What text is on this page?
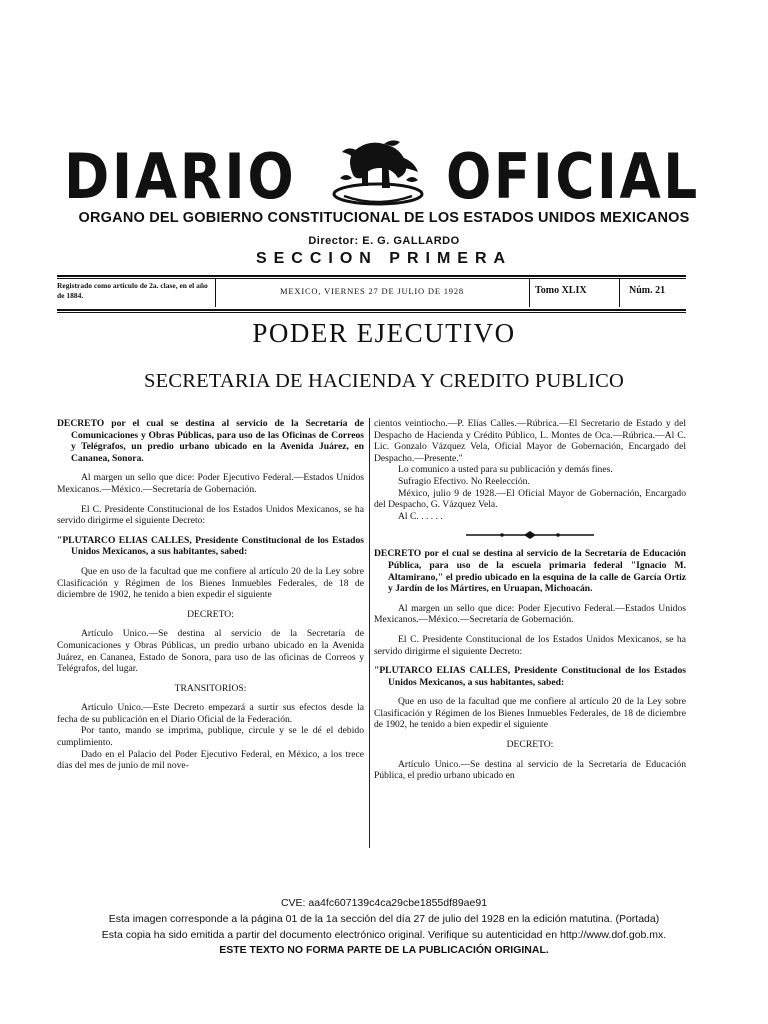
DIARIO OFICIAL
ORGANO DEL GOBIERNO CONSTITUCIONAL DE LOS ESTADOS UNIDOS MEXICANOS
Director: E. G. GALLARDO
SECCION PRIMERA
Registrado como artículo de 2a. clase, en el año de 1884.	MEXICO, VIERNES 27 DE JULIO DE 1928	Tomo XLIX	Núm. 21
PODER EJECUTIVO
SECRETARIA DE HACIENDA Y CREDITO PUBLICO

DECRETO por el cual se destina al servicio de la Secretaría de Comunicaciones y Obras Públicas, para uso de las Oficinas de Correos y Telégrafos, un predio urbano ubicado en la Avenida Juárez, en Cananea, Sonora.

Al margen un sello que dice: Poder Ejecutivo Federal.—Estados Unidos Mexicanos.—México.—Secretaría de Gobernación.

El C. Presidente Constitucional de los Estados Unidos Mexicanos, se ha servido dirigirme el siguiente Decreto:

"PLUTARCO ELIAS CALLES, Presidente Constitucional de los Estados Unidos Mexicanos, a sus habitantes, sabed:

Que en uso de la facultad que me confiere al artículo 20 de la Ley sobre Clasificación y Régimen de los Bienes Inmuebles Federales, de 18 de diciembre de 1902, he tenido a bien expedir el siguiente

DECRETO:

Artículo Unico.—Se destina al servicio de la Secretaría de Comunicaciones y Obras Públicas, un predio urbano ubicado en la Avenida Juárez, en Cananea, Estado de Sonora, para uso de las oficinas de Correos y Telégrafos, del lugar.

TRANSITORIOS:

Artículo Unico.—Este Decreto empezará a surtir sus efectos desde la fecha de su publicación en el Diario Oficial de la Federación.

Por tanto, mando se imprima, publique, circule y se le dé el debido cumplimiento.

Dado en el Palacio del Poder Ejecutivo Federal, en México, a los trece días del mes de junio de mil nove-

cientos veintiocho.—P. Elías Calles.—Rúbrica.—El Secretario de Estado y del Despacho de Hacienda y Crédito Público, L. Montes de Oca.—Rúbrica.—Al C. Lic. Gonzalo Vázquez Vela, Oficial Mayor de Gobernación, Encargado del Despacho.—Presente."

Lo comunico a usted para su publicación y demás fines.

Sufragio Efectivo. No Reelección.

México, julio 9 de 1928.—El Oficial Mayor de Gobernación, Encargado del Despacho, G. Vázquez Vela.

Al C. . . . . .

DECRETO por el cual se destina al servicio de la Secretaría de Educación Pública, para uso de la escuela primaria federal "Ignacio M. Altamirano," el predio ubicado en la esquina de la calle de García Ortiz y Jardín de los Mártires, en Uruapan, Michoacán.

Al margen un sello que dice: Poder Ejecutivo Federal.—Estados Unidos Mexicanos.—México.—Secretaría de Gobernación.

El C. Presidente Constitucional de los Estados Unidos Mexicanos, se ha servido dirigirme el siguiente Decreto:

"PLUTARCO ELIAS CALLES, Presidente Constitucional de los Estados Unidos Mexicanos, a sus habitantes, sabed:

Que en uso de la facultad que me confiere al artículo 20 de la Ley sobre Clasificación y Régimen de los Bienes Inmuebles Federales, de 18 de diciembre de 1902, he tenido a bien expedir el siguiente

DECRETO:

Artículo Unico.—Se destina al servicio de la Secretaría de Educación Pública, el predio urbano ubicado en

CVE: aa4fc607139c4ca29cbe1855df89ae91
Esta imagen corresponde a la página 01 de la 1a sección del día 27 de julio del 1928 en la edición matutina. (Portada)
Esta copia ha sido emitida a partir del documento electrónico original. Verifique su autenticidad en http://www.dof.gob.mx.
ESTE TEXTO NO FORMA PARTE DE LA PUBLICACIÓN ORIGINAL.
